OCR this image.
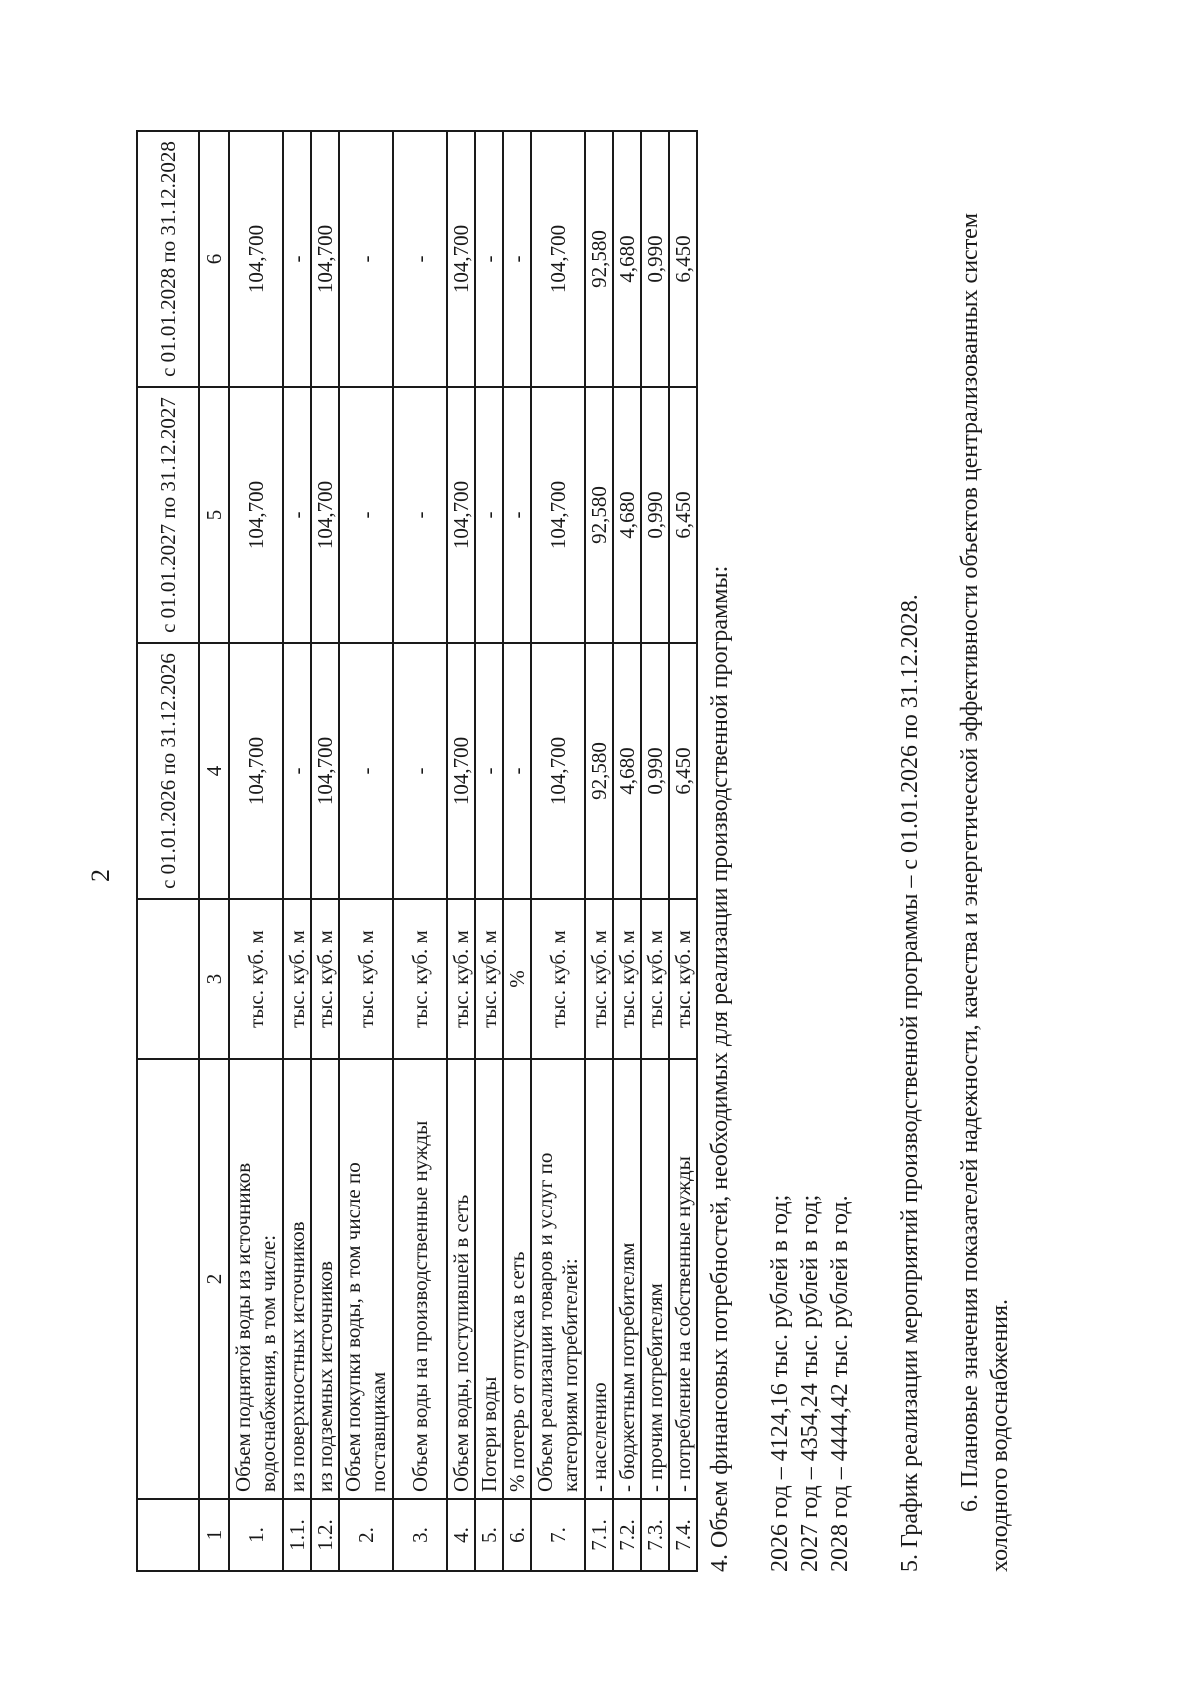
2
			с 01.01.2026 по 31.12.2026	с 01.01.2027 по 31.12.2027	с 01.01.2028 по 31.12.2028
1	2	3	4	5	6
1.	Объем поднятой воды из источников водоснабжения, в том числе:	тыс. куб. м	104,700	104,700	104,700
1.1.	из поверхностных источников	тыс. куб. м	-	-	-
1.2.	из подземных источников	тыс. куб. м	104,700	104,700	104,700
2.	Объем покупки воды, в том числе по поставщикам	тыс. куб. м	-	-	-
3.	Объем воды на производственные нужды	тыс. куб. м	-	-	-
4.	Объем воды, поступившей в сеть	тыс. куб. м	104,700	104,700	104,700
5.	Потери воды	тыс. куб. м	-	-	-
6.	% потерь от отпуска в сеть	%	-	-	-
7.	Объем реализации товаров и услуг по категориям потребителей:	тыс. куб. м	104,700	104,700	104,700
7.1.	- населению	тыс. куб. м	92,580	92,580	92,580
7.2.	- бюджетным потребителям	тыс. куб. м	4,680	4,680	4,680
7.3.	- прочим потребителям	тыс. куб. м	0,990	0,990	0,990
7.4.	- потребление на собственные нужды	тыс. куб. м	6,450	6,450	6,450
4. Объем финансовых потребностей, необходимых для реализации производственной программы: 2026 год – 4124,16 тыс. рублей в год; 2027 год – 4354,24 тыс. рублей в год; 2028 год – 4444,42 тыс. рублей в год. 5. График реализации мероприятий производственной программы – с 01.01.2026 по 31.12.2028. 6. Плановые значения показателей надежности, качества и энергетической эффективности объектов централизованных систем холодного водоснабжения.
